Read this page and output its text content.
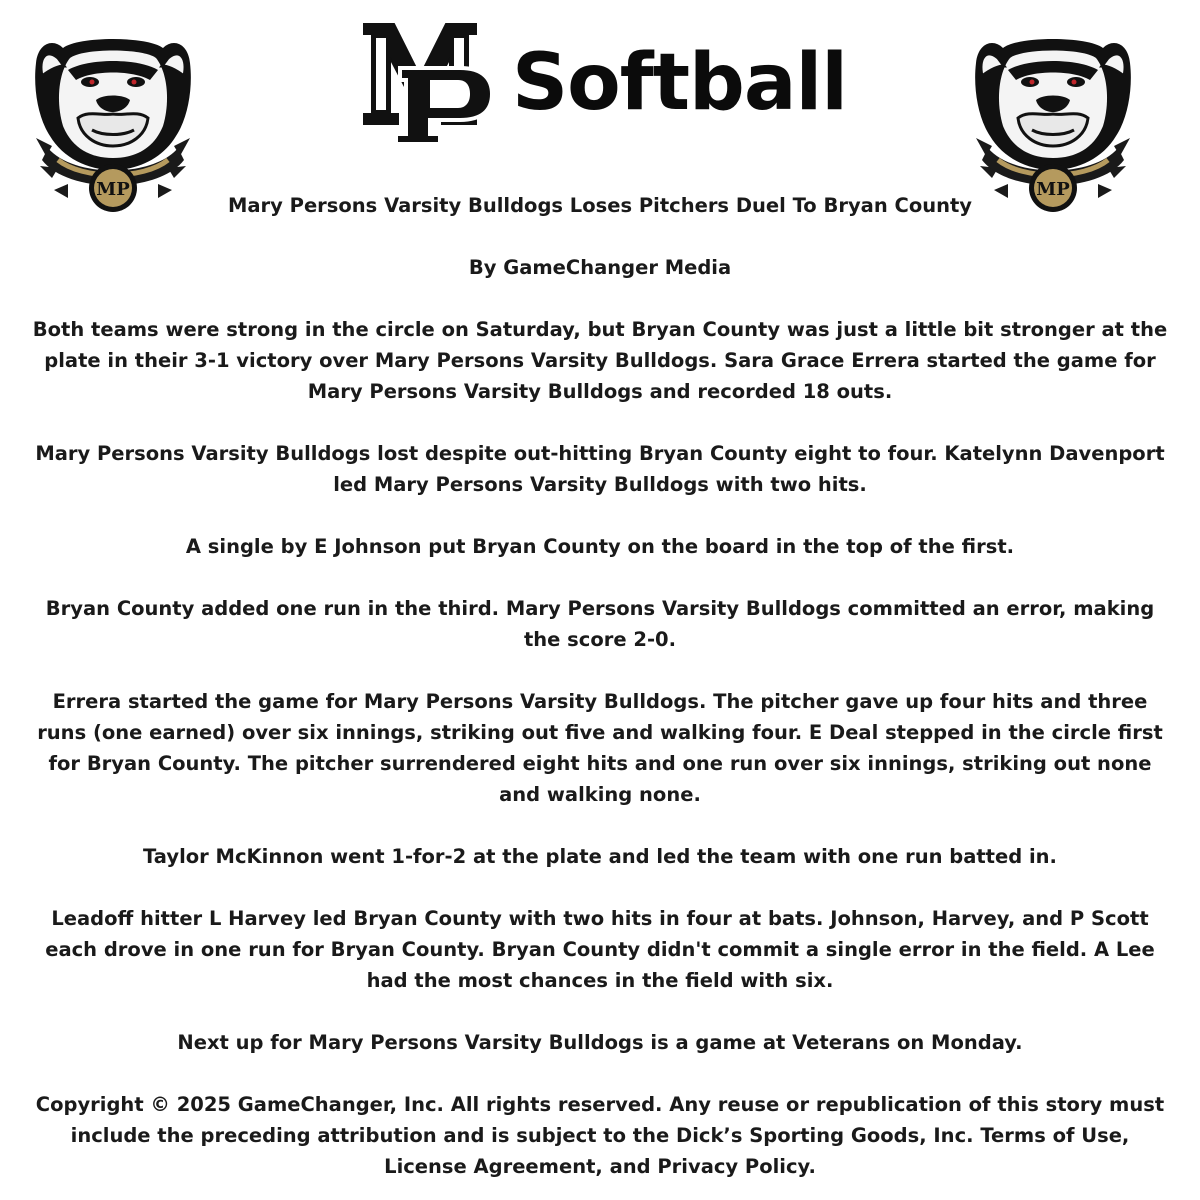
MP
Softball

Mary Persons Varsity Bulldogs Loses Pitchers Duel To Bryan County

By GameChanger Media

Both teams were strong in the circle on Saturday, but Bryan County was just a little bit stronger at the plate in their 3-1 victory over Mary Persons Varsity Bulldogs. Sara Grace Errera started the game for Mary Persons Varsity Bulldogs and recorded 18 outs.

Mary Persons Varsity Bulldogs lost despite out-hitting Bryan County eight to four. Katelynn Davenport led Mary Persons Varsity Bulldogs with two hits.

A single by E Johnson put Bryan County on the board in the top of the first.

Bryan County added one run in the third. Mary Persons Varsity Bulldogs committed an error, making the score 2-0.

Errera started the game for Mary Persons Varsity Bulldogs. The pitcher gave up four hits and three runs (one earned) over six innings, striking out five and walking four. E Deal stepped in the circle first for Bryan County. The pitcher surrendered eight hits and one run over six innings, striking out none and walking none.

Taylor McKinnon went 1-for-2 at the plate and led the team with one run batted in.

Leadoff hitter L Harvey led Bryan County with two hits in four at bats. Johnson, Harvey, and P Scott each drove in one run for Bryan County. Bryan County didn't commit a single error in the field. A Lee had the most chances in the field with six.

Next up for Mary Persons Varsity Bulldogs is a game at Veterans on Monday.

Copyright © 2025 GameChanger, Inc. All rights reserved. Any reuse or republication of this story must include the preceding attribution and is subject to the Dick’s Sporting Goods, Inc. Terms of Use, License Agreement, and Privacy Policy.
